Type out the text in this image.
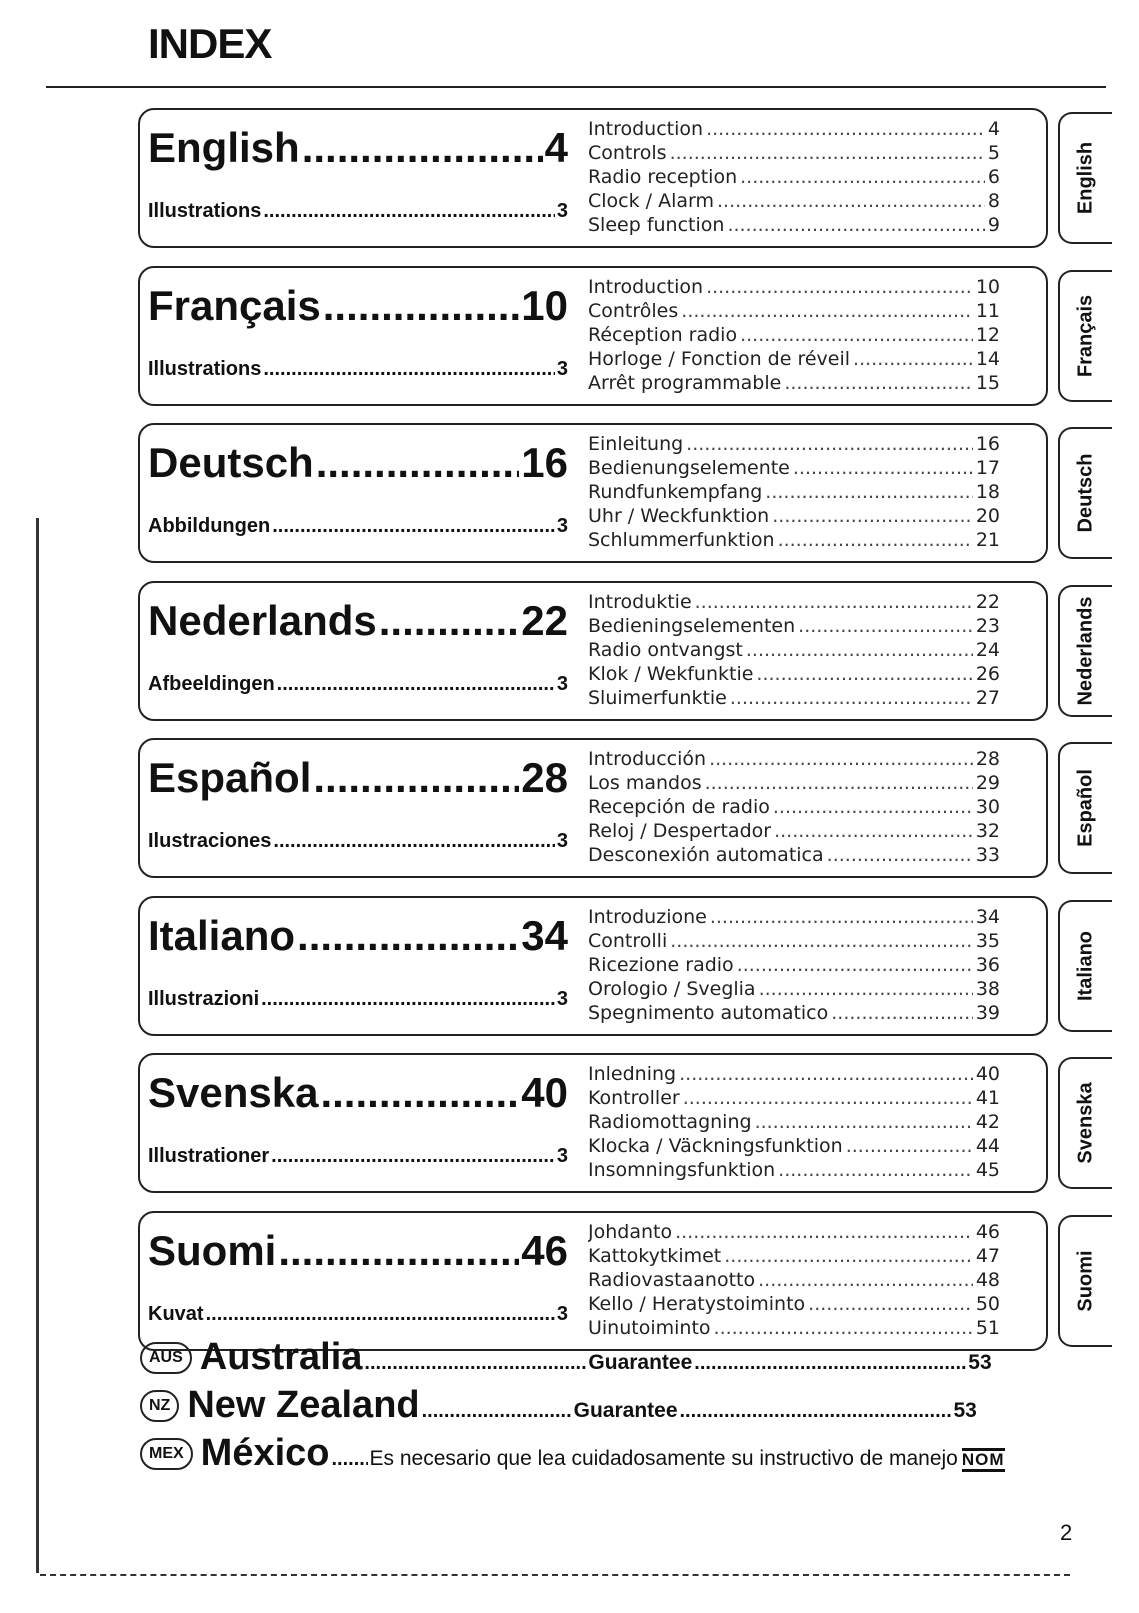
INDEX
English .....	4
Illustrations .....	3
Introduction .....	4
Controls .....	5
Radio reception .....	6
Clock / Alarm .....	8
Sleep function .....	9
Français .....	10
Illustrations .....	3
Introduction .....	10
Contrôles .....	11
Réception radio .....	12
Horloge / Fonction de réveil .....	14
Arrêt programmable .....	15
Deutsch .....	16
Abbildungen .....	3
Einleitung .....	16
Bedienungselemente .....	17
Rundfunkempfang .....	18
Uhr / Weckfunktion .....	20
Schlummerfunktion .....	21
Nederlands .....	22
Afbeeldingen .....	3
Introduktie .....	22
Bedieningselementen .....	23
Radio ontvangst .....	24
Klok / Wekfunktie .....	26
Sluimerfunktie .....	27
Español .....	28
Ilustraciones .....	3
Introducción .....	28
Los mandos .....	29
Recepción de radio .....	30
Reloj / Despertador .....	32
Desconexión automatica .....	33
Italiano .....	34
Illustrazioni .....	3
Introduzione .....	34
Controlli .....	35
Ricezione radio .....	36
Orologio / Sveglia .....	38
Spegnimento automatico .....	39
Svenska .....	40
Illustrationer .....	3
Inledning .....	40
Kontroller .....	41
Radiomottagning .....	42
Klocka / Väckningsfunktion .....	44
Insomningsfunktion .....	45
Suomi .....	46
Kuvat .....	3
Johdanto .....	46
Kattokytkimet .....	47
Radiovastaanotto .....	48
Kello / Heratystoiminto .....	50
Uinutoiminto .....	51
English
Français
Deutsch
Nederlands
Español
Italiano
Svenska
Suomi
AUS Australia .....	Guarantee .....	53
NZ New Zealand .....	Guarantee .....	53
MEX México ..... Es necesario que lea cuidadosamente su instructivo de manejo NOM
2
